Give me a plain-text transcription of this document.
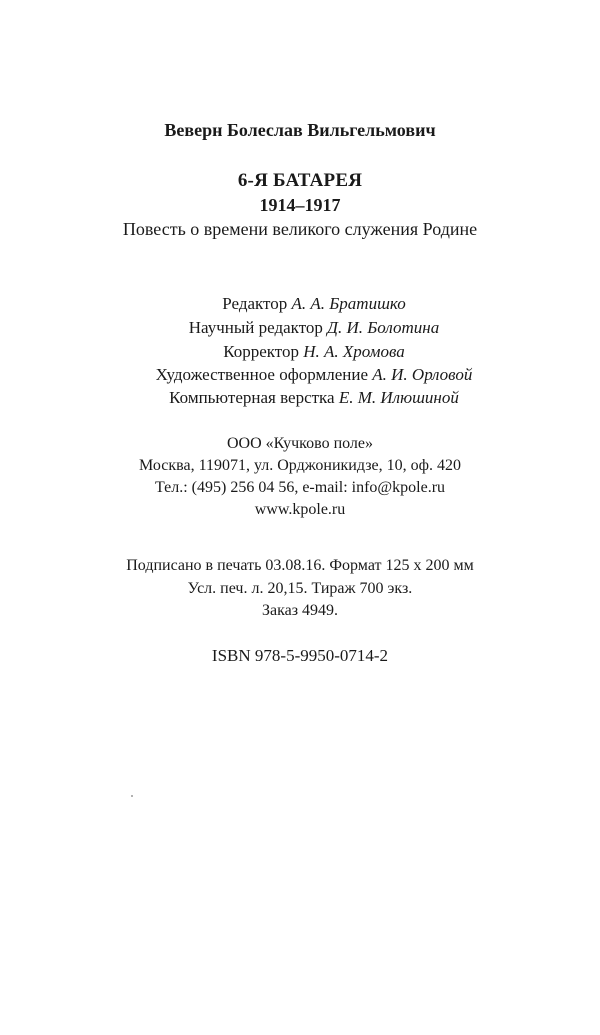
Веверн Болеслав Вильгельмович
6-Я БАТАРЕЯ
1914–1917
Повесть о времени великого служения Родине
Редактор А. А. Братишко
Научный редактор Д. И. Болотина
Корректор Н. А. Хромова
Художественное оформление А. И. Орловой
Компьютерная верстка Е. М. Илюшиной
ООО «Кучково поле»
Москва, 119071, ул. Орджоникидзе, 10, оф. 420
Тел.: (495) 256 04 56, e-mail: info@kpole.ru
www.kpole.ru
Подписано в печать 03.08.16. Формат 125 х 200 мм
Усл. печ. л. 20,15. Тираж 700 экз.
Заказ 4949.
ISBN 978-5-9950-0714-2
